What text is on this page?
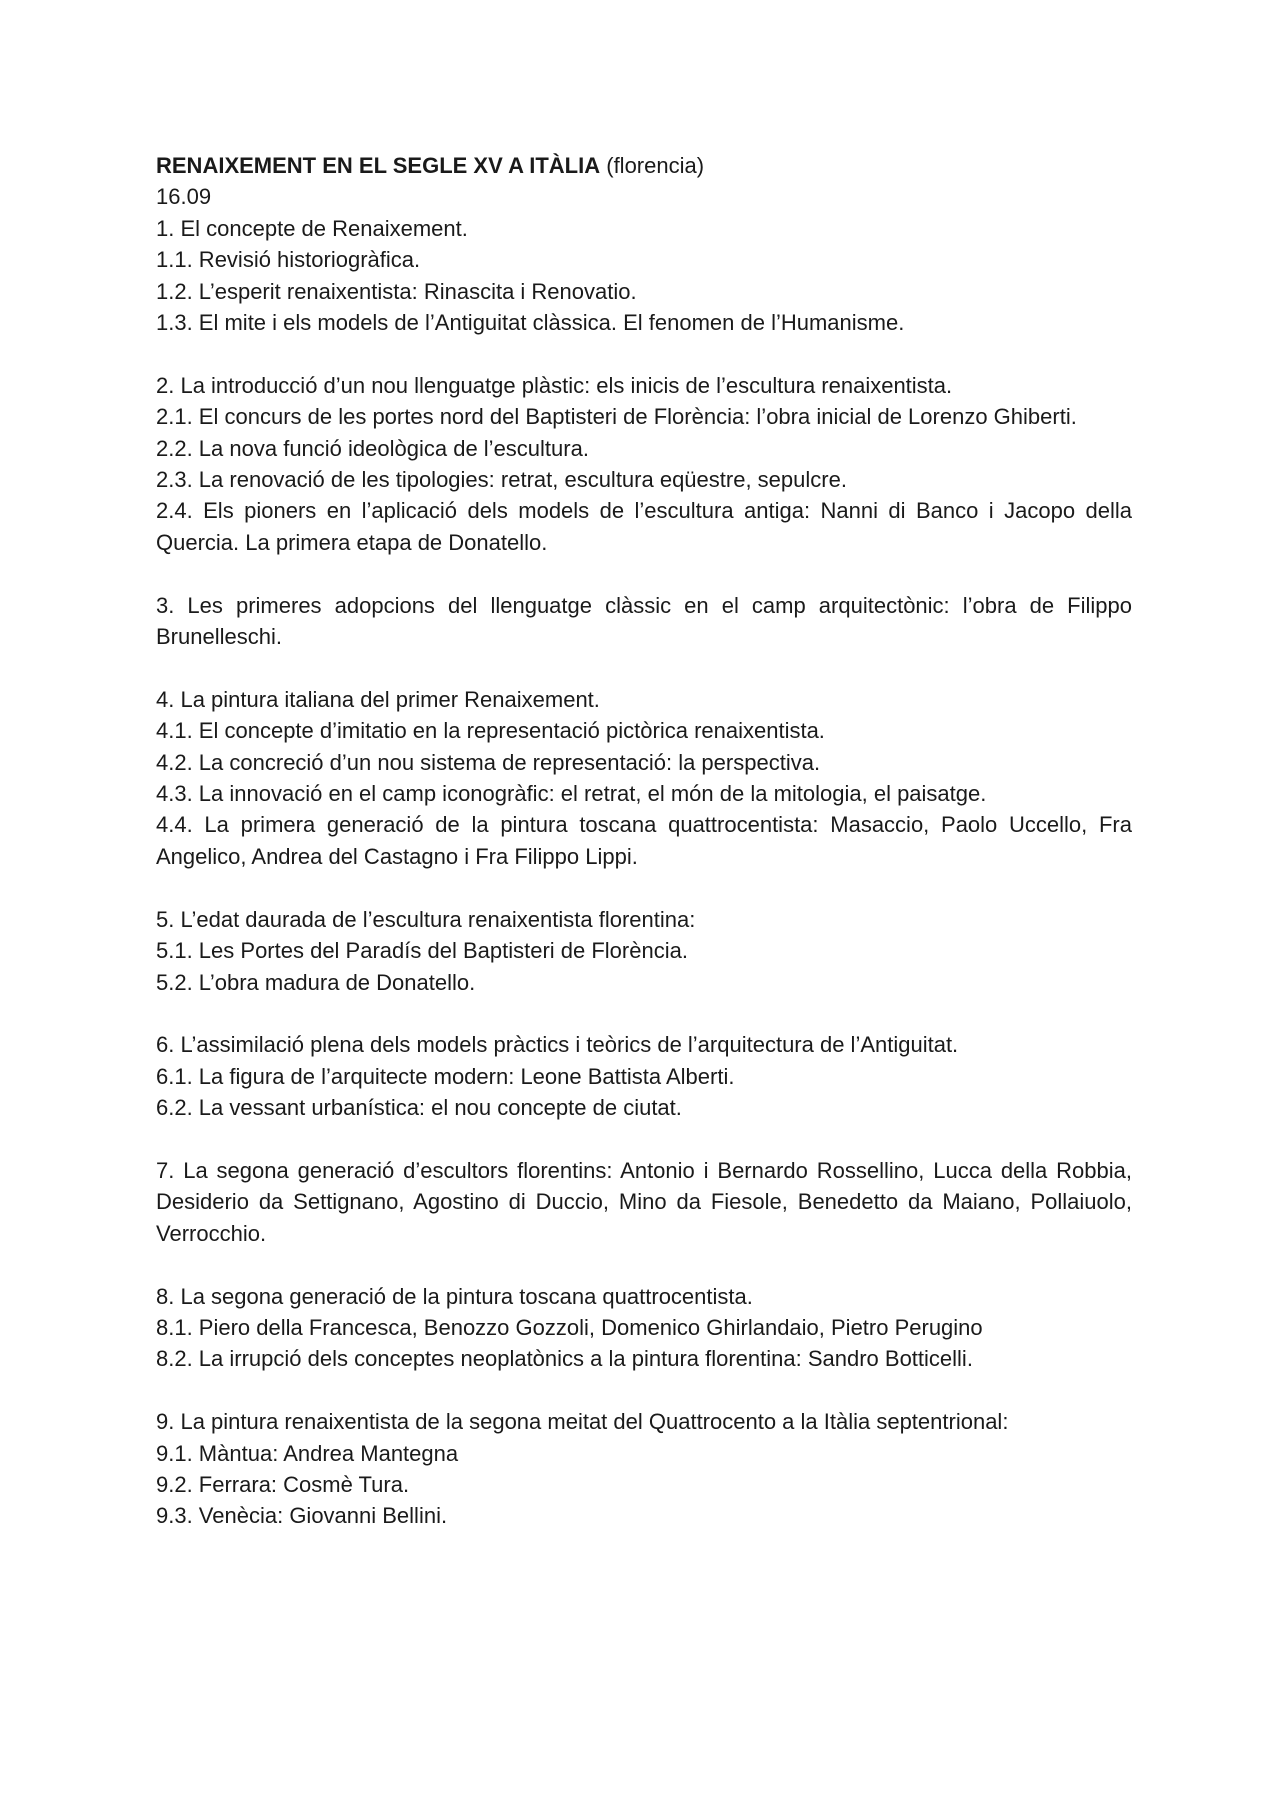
RENAIXEMENT EN EL SEGLE XV A ITÀLIA (florencia)

16.09

1. El concepte de Renaixement.

1.1. Revisió historiogràfica.

1.2. L’esperit renaixentista: Rinascita i Renovatio.

1.3. El mite i els models de l’Antiguitat clàssica. El fenomen de l’Humanisme.

2. La introducció d’un nou llenguatge plàstic: els inicis de l’escultura renaixentista.

2.1. El concurs de les portes nord del Baptisteri de Florència: l’obra inicial de Lorenzo Ghiberti.

2.2. La nova funció ideològica de l’escultura.

2.3. La renovació de les tipologies: retrat, escultura eqüestre, sepulcre.

2.4. Els pioners en l’aplicació dels models de l’escultura antiga: Nanni di Banco i Jacopo della Quercia. La primera etapa de Donatello.

3. Les primeres adopcions del llenguatge clàssic en el camp arquitectònic: l’obra de Filippo Brunelleschi.

4. La pintura italiana del primer Renaixement.

4.1. El concepte d’imitatio en la representació pictòrica renaixentista.

4.2. La concreció d’un nou sistema de representació: la perspectiva.

4.3. La innovació en el camp iconogràfic: el retrat, el món de la mitologia, el paisatge.

4.4. La primera generació de la pintura toscana quattrocentista: Masaccio, Paolo Uccello, Fra Angelico, Andrea del Castagno i Fra Filippo Lippi.

5. L’edat daurada de l’escultura renaixentista florentina:

5.1. Les Portes del Paradís del Baptisteri de Florència.

5.2. L’obra madura de Donatello.

6. L’assimilació plena dels models pràctics i teòrics de l’arquitectura de l’Antiguitat.

6.1. La figura de l’arquitecte modern: Leone Battista Alberti.

6.2. La vessant urbanística: el nou concepte de ciutat.

7. La segona generació d’escultors florentins: Antonio i Bernardo Rossellino, Lucca della Robbia, Desiderio da Settignano, Agostino di Duccio, Mino da Fiesole, Benedetto da Maiano, Pollaiuolo, Verrocchio.

8. La segona generació de la pintura toscana quattrocentista.

8.1. Piero della Francesca, Benozzo Gozzoli, Domenico Ghirlandaio, Pietro Perugino

8.2. La irrupció dels conceptes neoplatònics a la pintura florentina: Sandro Botticelli.

9. La pintura renaixentista de la segona meitat del Quattrocento a la Itàlia septentrional:

9.1. Màntua: Andrea Mantegna

9.2. Ferrara: Cosmè Tura.

9.3. Venècia: Giovanni Bellini.
